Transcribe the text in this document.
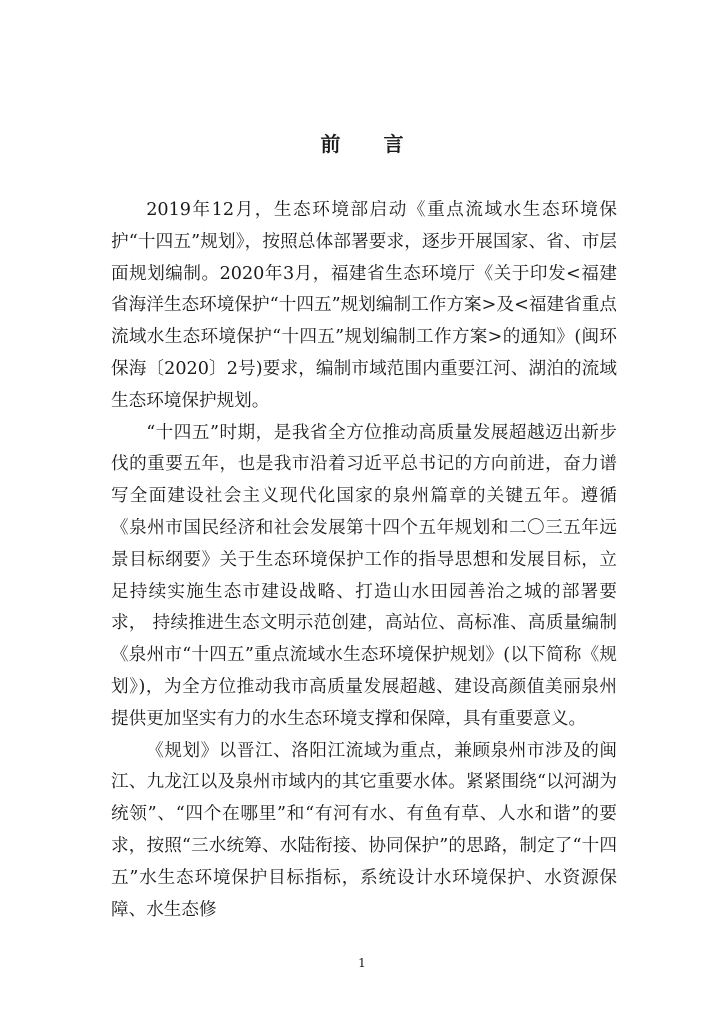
前 言

2019年12月，生态环境部启动《重点流域水生态环境保护“十四五”规划》，按照总体部署要求，逐步开展国家、省、市层面规划编制。2020年3月，福建省生态环境厅《关于印发<福建省海洋生态环境保护“十四五”规划编制工作方案>及<福建省重点流域水生态环境保护“十四五”规划编制工作方案>的通知》(闽环保海〔2020〕2号)要求，编制市域范围内重要江河、湖泊的流域生态环境保护规划。

“十四五”时期，是我省全方位推动高质量发展超越迈出新步伐的重要五年，也是我市沿着习近平总书记的方向前进，奋力谱写全面建设社会主义现代化国家的泉州篇章的关键五年。遵循《泉州市国民经济和社会发展第十四个五年规划和二〇三五年远景目标纲要》关于生态环境保护工作的指导思想和发展目标，立足持续实施生态市建设战略、打造山水田园善治之城的部署要求， 持续推进生态文明示范创建，高站位、高标准、高质量编制《泉州市“十四五”重点流域水生态环境保护规划》(以下简称《规划》)，为全方位推动我市高质量发展超越、建设高颜值美丽泉州提供更加坚实有力的水生态环境支撑和保障，具有重要意义。

《规划》以晋江、洛阳江流域为重点，兼顾泉州市涉及的闽江、九龙江以及泉州市域内的其它重要水体。紧紧围绕“以河湖为统领”、“四个在哪里”和“有河有水、有鱼有草、人水和谐”的要求，按照“三水统筹、水陆衔接、协同保护”的思路，制定了“十四五”水生态环境保护目标指标，系统设计水环境保护、水资源保障、水生态修

1
